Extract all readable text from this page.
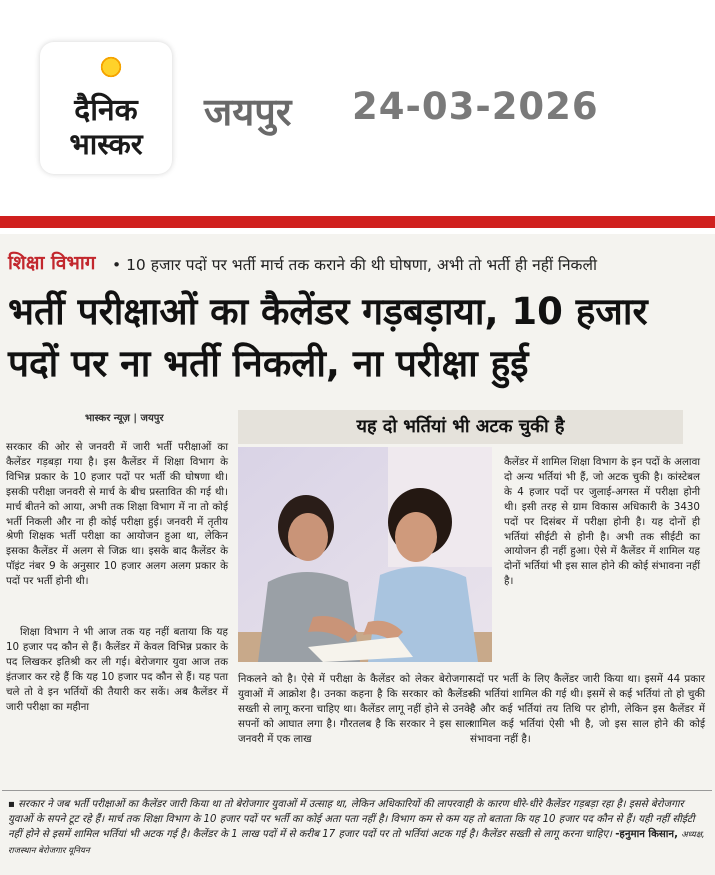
दैनिक
भास्कर
जयपुर 24-03-2026
शिक्षा विभाग • 10 हजार पदों पर भर्ती मार्च तक कराने की थी घोषणा, अभी तो भर्ती ही नहीं निकली
भर्ती परीक्षाओं का कैलेंडर गड़बड़ाया, 10 हजार पदों पर ना भर्ती निकली, ना परीक्षा हुई
भास्कर न्यूज़ | जयपुर	यह दो भर्तियां भी अटक चुकी है
सरकार की ओर से जनवरी में जारी भर्ती परीक्षाओं का कैलेंडर गड़बड़ा गया है। इस कैलेंडर में शिक्षा विभाग के विभिन्न प्रकार के 10 हजार पदों पर भर्ती की घोषणा थी। इसकी परीक्षा जनवरी से मार्च के बीच प्रस्तावित की गई थी। मार्च बीतने को आया, अभी तक शिक्षा विभाग में ना तो कोई भर्ती निकली और ना ही कोई परीक्षा हुई। जनवरी में तृतीय श्रेणी शिक्षक भर्ती परीक्षा का आयोजन हुआ था, लेकिन इसका कैलेंडर में अलग से जिक्र था। इसके बाद कैलेंडर के पॉइंट नंबर 9 के अनुसार 10 हजार अलग अलग प्रकार के पदों पर भर्ती होनी थी।
शिक्षा विभाग ने भी आज तक यह नहीं बताया कि यह 10 हजार पद कौन से हैं। कैलेंडर में केवल विभिन्न प्रकार के पद लिखकर इतिश्री कर ली गई। बेरोजगार युवा आज तक इंतजार कर रहे हैं कि यह 10 हजार पद कौन से हैं। यह पता चले तो वे इन भर्तियों की तैयारी कर सकें। अब कैलेंडर में जारी परीक्षा का महीना
कैलेंडर में शामिल शिक्षा विभाग के इन पदों के अलावा दो अन्य भर्तियां भी हैं, जो अटक चुकी है। कांस्टेबल के 4 हजार पदों पर जुलाई-अगस्त में परीक्षा होनी थी। इसी तरह से ग्राम विकास अधिकारी के 3430 पदों पर दिसंबर में परीक्षा होनी है। यह दोनों ही भर्तियां सीईटी से होनी है। अभी तक सीईटी का आयोजन ही नहीं हुआ। ऐसे में कैलेंडर में शामिल यह दोनों भर्तियां भी इस साल होने की कोई संभावना नहीं है।
निकलने को है। ऐसे में परीक्षा के कैलेंडर को लेकर बेरोजगार युवाओं में आक्रोश है। उनका कहना है कि सरकार को कैलेंडर सख्ती से लागू करना चाहिए था। कैलेंडर लागू नहीं होने से उनके सपनों को आघात लगा है। गौरतलब है कि सरकार ने इस साल जनवरी में एक लाख
पदों पर भर्ती के लिए कैलेंडर जारी किया था। इसमें 44 प्रकार की भर्तियां शामिल की गई थी। इसमें से कई भर्तियां तो हो चुकी है और कई भर्तियां तय तिथि पर होगी, लेकिन इस कैलेंडर में शामिल कई भर्तियां ऐसी भी है, जो इस साल होने की कोई संभावना नहीं है।
▪ सरकार ने जब भर्ती परीक्षाओं का कैलेंडर जारी किया था तो बेरोजगार युवाओं में उत्साह था, लेकिन अधिकारियों की लापरवाही के कारण धीरे-धीरे कैलेंडर गड़बड़ा रहा है। इससे बेरोजगार युवाओं के सपने टूट रहे हैं। मार्च तक शिक्षा विभाग के 10 हजार पदों पर भर्ती का कोई अता पता नहीं है। विभाग कम से कम यह तो बताता कि यह 10 हजार पद कौन से हैं। यही नहीं सीईटी नहीं होने से इसमें शामिल भर्तियां भी अटक गई है। कैलेंडर के 1 लाख पदों में से करीब 17 हजार पदों पर तो भर्तियां अटक गई है। कैलेंडर सख्ती से लागू करना चाहिए। -हनुमान किसान, अध्यक्ष, राजस्थान बेरोजगार यूनियन
